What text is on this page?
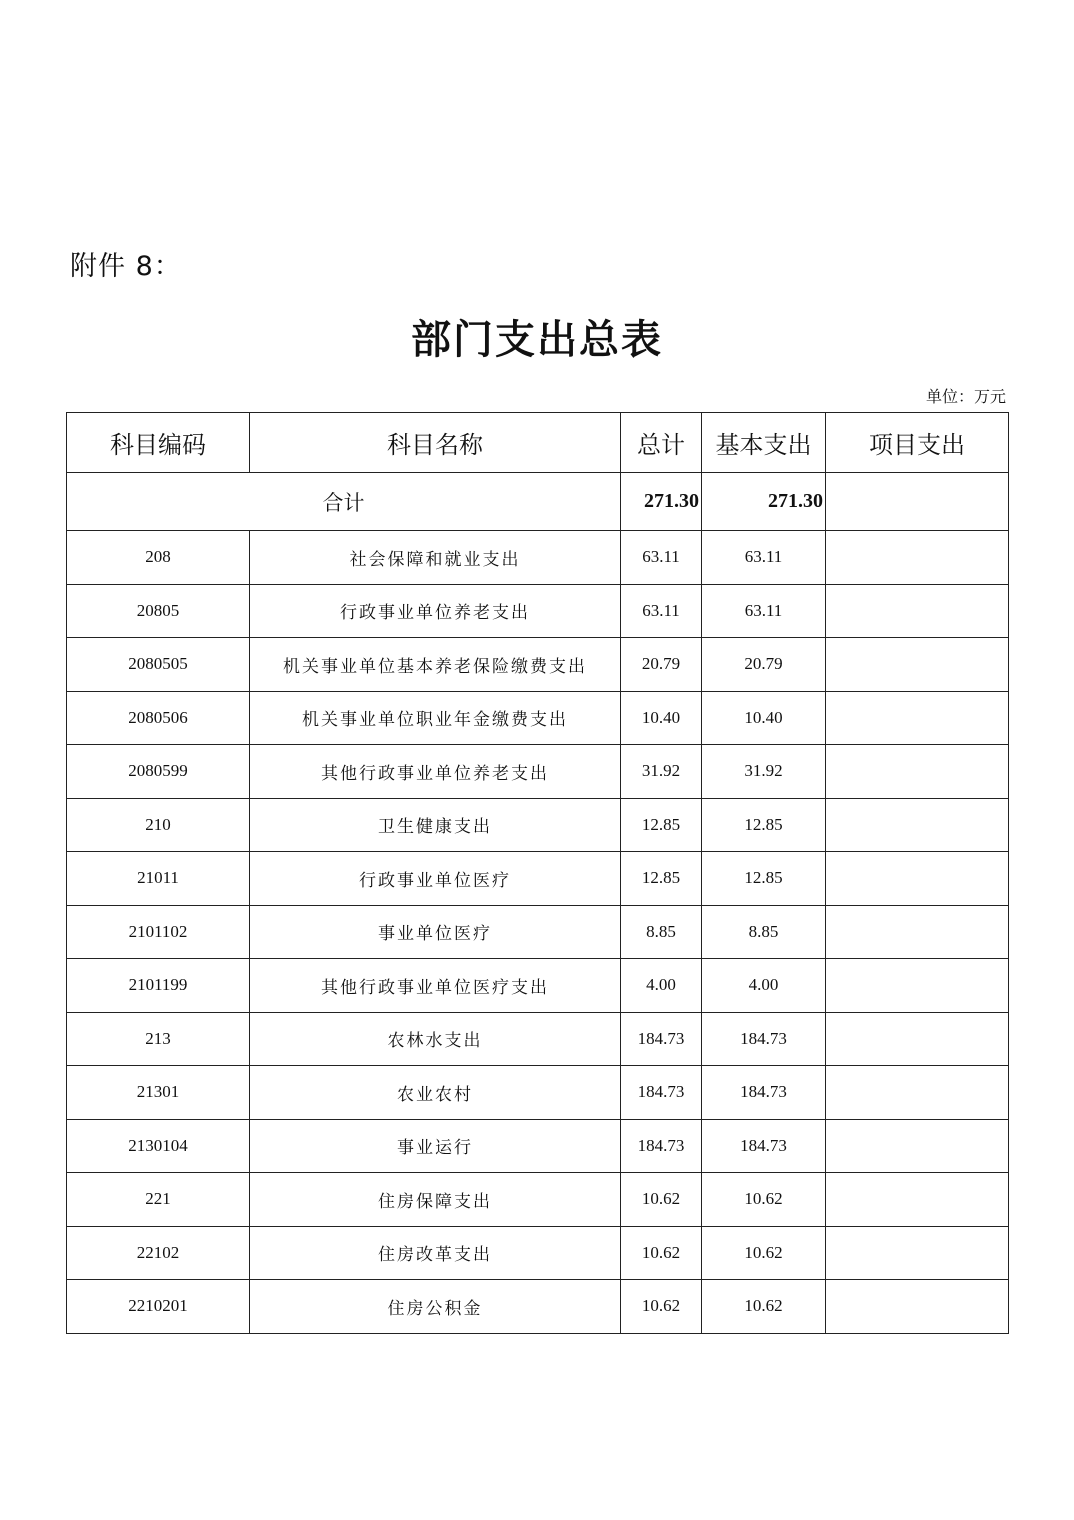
附件 8：
部门支出总表
单位：万元
科目编码	科目名称	总计	基本支出	项目支出
合计		271.30	271.30	
208	社会保障和就业支出	63.11	63.11	
20805	行政事业单位养老支出	63.11	63.11	
2080505	机关事业单位基本养老保险缴费支出	20.79	20.79	
2080506	机关事业单位职业年金缴费支出	10.40	10.40	
2080599	其他行政事业单位养老支出	31.92	31.92	
210	卫生健康支出	12.85	12.85	
21011	行政事业单位医疗	12.85	12.85	
2101102	事业单位医疗	8.85	8.85	
2101199	其他行政事业单位医疗支出	4.00	4.00	
213	农林水支出	184.73	184.73	
21301	农业农村	184.73	184.73	
2130104	事业运行	184.73	184.73	
221	住房保障支出	10.62	10.62	
22102	住房改革支出	10.62	10.62	
2210201	住房公积金	10.62	10.62	
